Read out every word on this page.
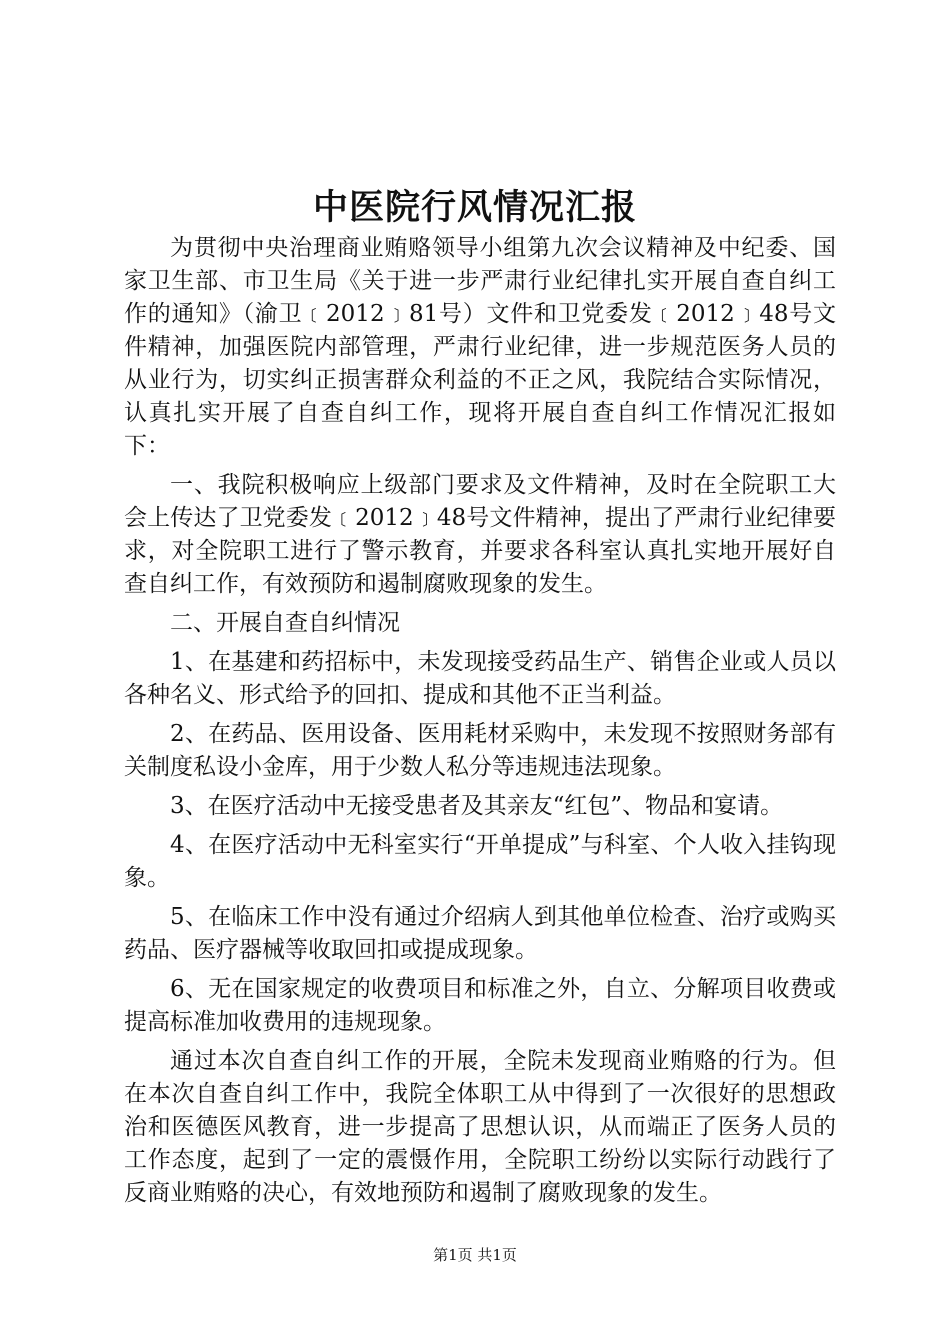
中医院行风情况汇报

为贯彻中央治理商业贿赂领导小组第九次会议精神及中纪委、国家卫生部、市卫生局《关于进一步严肃行业纪律扎实开展自查自纠工作的通知》（渝卫﹝2012﹞81号）文件和卫党委发﹝2012﹞48号文件精神，加强医院内部管理，严肃行业纪律，进一步规范医务人员的从业行为，切实纠正损害群众利益的不正之风，我院结合实际情况，认真扎实开展了自查自纠工作，现将开展自查自纠工作情况汇报如下：

一、我院积极响应上级部门要求及文件精神，及时在全院职工大会上传达了卫党委发﹝2012﹞48号文件精神，提出了严肃行业纪律要求，对全院职工进行了警示教育，并要求各科室认真扎实地开展好自查自纠工作，有效预防和遏制腐败现象的发生。

二、开展自查自纠情况

1、在基建和药招标中，未发现接受药品生产、销售企业或人员以各种名义、形式给予的回扣、提成和其他不正当利益。

2、在药品、医用设备、医用耗材采购中，未发现不按照财务部有关制度私设小金库，用于少数人私分等违规违法现象。

3、在医疗活动中无接受患者及其亲友“红包”、物品和宴请。

4、在医疗活动中无科室实行“开单提成”与科室、个人收入挂钩现象。

5、在临床工作中没有通过介绍病人到其他单位检查、治疗或购买药品、医疗器械等收取回扣或提成现象。

6、无在国家规定的收费项目和标准之外，自立、分解项目收费或提高标准加收费用的违规现象。

通过本次自查自纠工作的开展，全院未发现商业贿赂的行为。但在本次自查自纠工作中，我院全体职工从中得到了一次很好的思想政治和医德医风教育，进一步提高了思想认识，从而端正了医务人员的工作态度，起到了一定的震慑作用，全院职工纷纷以实际行动践行了反商业贿赂的决心，有效地预防和遏制了腐败现象的发生。

第1页 共1页
